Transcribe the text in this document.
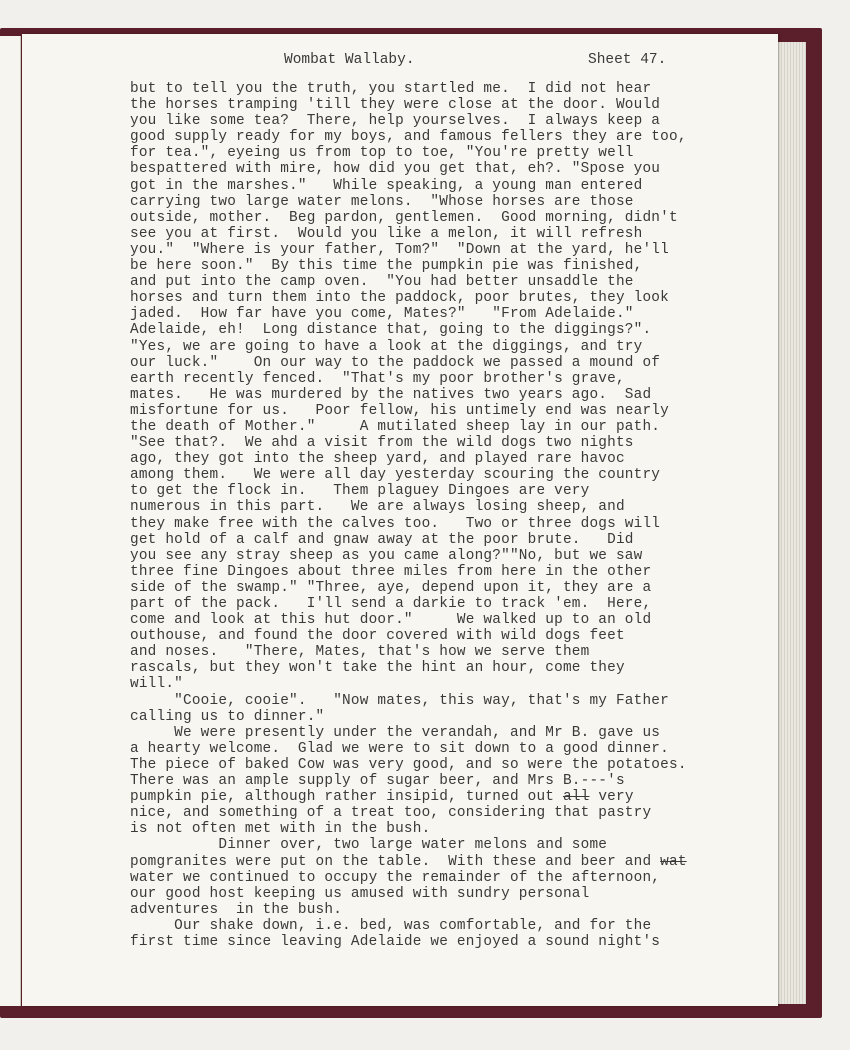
Wombat Wallaby.	Sheet 47.
but to tell you the truth, you startled me.  I did not hear
the horses tramping 'till they were close at the door. Would
you like some tea?  There, help yourselves.  I always keep a
good supply ready for my boys, and famous fellers they are too,
for tea.", eyeing us from top to toe, "You're pretty well
bespattered with mire, how did you get that, eh?. "Spose you
got in the marshes."   While speaking, a young man entered
carrying two large water melons.  "Whose horses are those
outside, mother.  Beg pardon, gentlemen.  Good morning, didn't
see you at first.  Would you like a melon, it will refresh
you."  "Where is your father, Tom?"  "Down at the yard, he'll
be here soon."  By this time the pumpkin pie was finished,
and put into the camp oven.  "You had better unsaddle the
horses and turn them into the paddock, poor brutes, they look
jaded.  How far have you come, Mates?"   "From Adelaide."
Adelaide, eh!  Long distance that, going to the diggings?".
"Yes, we are going to have a look at the diggings, and try
our luck."    On our way to the paddock we passed a mound of
earth recently fenced.  "That's my poor brother's grave,
mates.   He was murdered by the natives two years ago.  Sad
misfortune for us.   Poor fellow, his untimely end was nearly
the death of Mother."     A mutilated sheep lay in our path.
"See that?.  We ahd a visit from the wild dogs two nights
ago, they got into the sheep yard, and played rare havoc
among them.   We were all day yesterday scouring the country
to get the flock in.   Them plaguey Dingoes are very
numerous in this part.   We are always losing sheep, and
they make free with the calves too.   Two or three dogs will
get hold of a calf and gnaw away at the poor brute.   Did
you see any stray sheep as you came along?""No, but we saw
three fine Dingoes about three miles from here in the other
side of the swamp." "Three, aye, depend upon it, they are a
part of the pack.   I'll send a darkie to track 'em.  Here,
come and look at this hut door."     We walked up to an old
outhouse, and found the door covered with wild dogs feet
and noses.   "There, Mates, that's how we serve them
rascals, but they won't take the hint an hour, come they
will."
"Cooie, cooie".   "Now mates, this way, that's my Father
calling us to dinner."
We were presently under the verandah, and Mr B. gave us
a hearty welcome.  Glad we were to sit down to a good dinner.
The piece of baked Cow was very good, and so were the potatoes.
There was an ample supply of sugar beer, and Mrs B.---'s
pumpkin pie, although rather insipid, turned out all very
nice, and something of a treat too, considering that pastry
is not often met with in the bush.
Dinner over, two large water melons and some
pomgranites were put on the table.  With these and beer and wat
water we continued to occupy the remainder of the afternoon,
our good host keeping us amused with sundry personal
adventures  in the bush.
Our shake down, i.e. bed, was comfortable, and for the
first time since leaving Adelaide we enjoyed a sound night's
